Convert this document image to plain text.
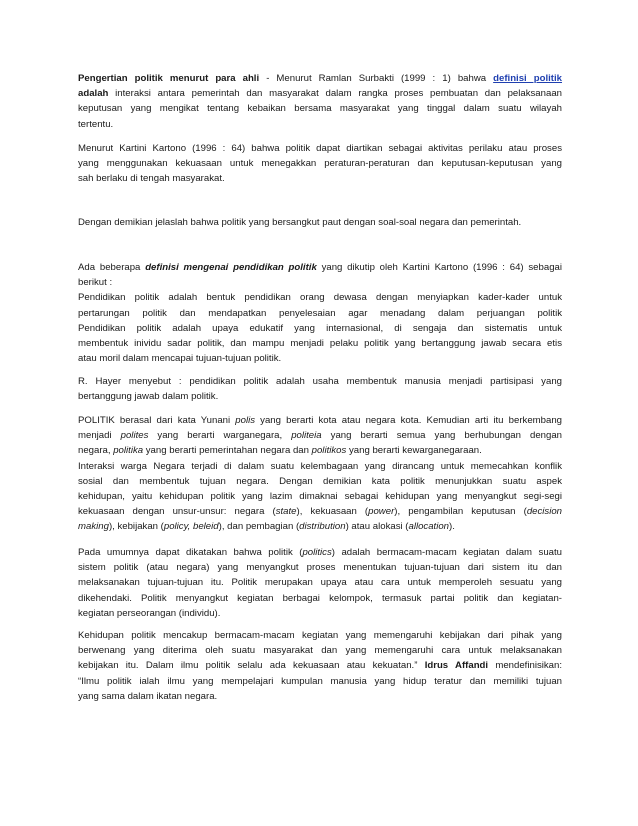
Pengertian politik menurut para ahli - Menurut Ramlan Surbakti (1999 : 1) bahwa definisi politik
adalah interaksi antara pemerintah dan masyarakat dalam rangka proses pembuatan dan pelaksanaan
keputusan yang mengikat tentang kebaikan bersama masyarakat yang tinggal dalam suatu wilayah
tertentu.
Menurut Kartini Kartono (1996 : 64) bahwa politik dapat diartikan sebagai aktivitas perilaku atau proses
yang menggunakan kekuasaan untuk menegakkan peraturan-peraturan dan keputusan-keputusan yang
sah berlaku di tengah masyarakat.
Dengan demikian jelaslah bahwa politik yang bersangkut paut dengan soal-soal negara dan pemerintah.
Ada beberapa definisi mengenai pendidikan politik yang dikutip oleh Kartini Kartono (1996 : 64) sebagai
berikut :
Pendidikan politik adalah bentuk pendidikan orang dewasa dengan menyiapkan kader-kader untuk
pertarungan politik dan mendapatkan penyelesaian agar menadang dalam perjuangan politik
Pendidikan politik adalah upaya edukatif yang internasional, di sengaja dan sistematis untuk
membentuk inividu sadar politik, dan mampu menjadi pelaku politik yang bertanggung jawab secara etis
atau moril dalam mencapai tujuan-tujuan politik.
R. Hayer menyebut : pendidikan politik adalah usaha membentuk manusia menjadi partisipasi yang
bertanggung jawab dalam politik.
POLITIK berasal dari kata Yunani polis yang berarti kota atau negara kota. Kemudian arti itu berkembang
menjadi polites yang berarti warganegara, politeia yang berarti semua yang berhubungan dengan
negara, politika yang berarti pemerintahan negara dan politikos yang berarti kewarganegaraan.
Interaksi warga Negara terjadi di dalam suatu kelembagaan yang dirancang untuk memecahkan konflik
sosial dan membentuk tujuan negara. Dengan demikian kata politik menunjukkan suatu aspek
kehidupan, yaitu kehidupan politik yang lazim dimaknai sebagai kehidupan yang menyangkut segi-segi
kekuasaan dengan unsur-unsur: negara (state), kekuasaan (power), pengambilan keputusan (decision
making), kebijakan (policy, beleid), dan pembagian (distribution) atau alokasi (allocation).
Pada umumnya dapat dikatakan bahwa politik (politics) adalah bermacam-macam kegiatan dalam suatu
sistem politik (atau negara) yang menyangkut proses menentukan tujuan-tujuan dari sistem itu dan
melaksanakan tujuan-tujuan itu. Politik merupakan upaya atau cara untuk memperoleh sesuatu yang
dikehendaki. Politik menyangkut kegiatan berbagai kelompok, termasuk partai politik dan kegiatan-
kegiatan perseorangan (individu).
Kehidupan politik mencakup bermacam-macam kegiatan yang memengaruhi kebijakan dari pihak yang
berwenang yang diterima oleh suatu masyarakat dan yang memengaruhi cara untuk melaksanakan
kebijakan itu. Dalam ilmu politik selalu ada kekuasaan atau kekuatan.” Idrus Affandi mendefinisikan:
“Ilmu politik ialah ilmu yang mempelajari kumpulan manusia yang hidup teratur dan memiliki tujuan
yang sama dalam ikatan negara.
